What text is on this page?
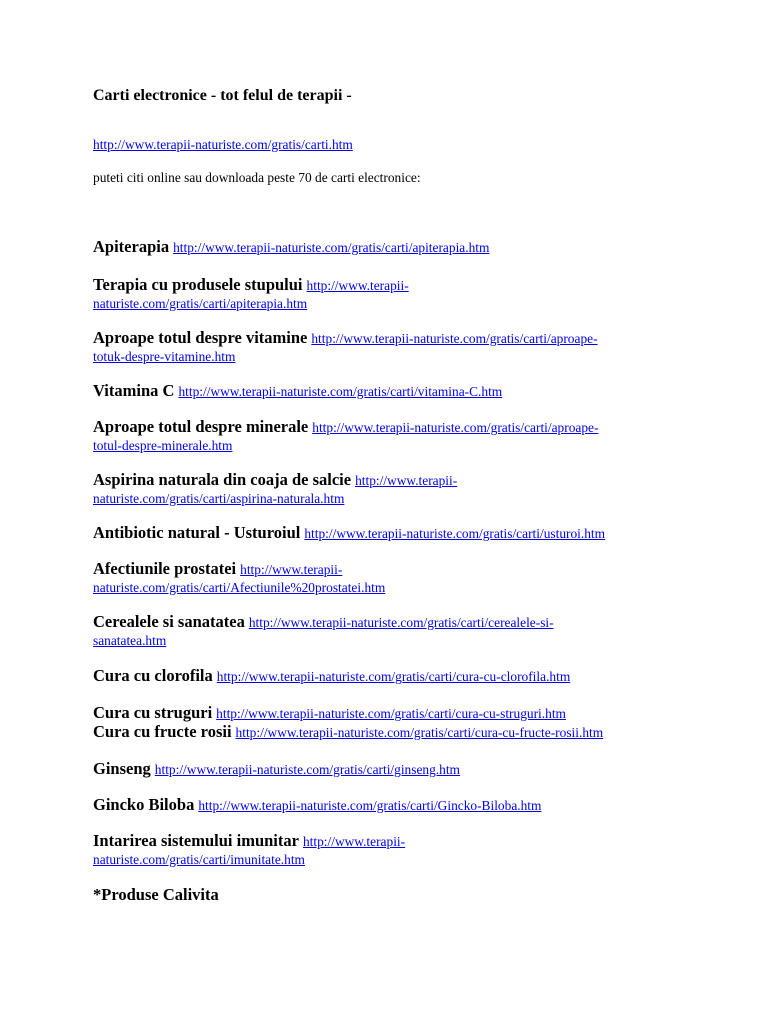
Carti electronice - tot felul de terapii -
http://www.terapii-naturiste.com/gratis/carti.htm
puteti citi online sau downloada peste 70 de carti electronice:
Apiterapia http://www.terapii-naturiste.com/gratis/carti/apiterapia.htm
Terapia cu produsele stupului http://www.terapii-
naturiste.com/gratis/carti/apiterapia.htm
Aproape totul despre vitamine http://www.terapii-naturiste.com/gratis/carti/aproape-
totuk-despre-vitamine.htm
Vitamina C http://www.terapii-naturiste.com/gratis/carti/vitamina-C.htm
Aproape totul despre minerale http://www.terapii-naturiste.com/gratis/carti/aproape-
totul-despre-minerale.htm
Aspirina naturala din coaja de salcie http://www.terapii-
naturiste.com/gratis/carti/aspirina-naturala.htm
Antibiotic natural - Usturoiul http://www.terapii-naturiste.com/gratis/carti/usturoi.htm
Afectiunile prostatei http://www.terapii-
naturiste.com/gratis/carti/Afectiunile%20prostatei.htm
Cerealele si sanatatea http://www.terapii-naturiste.com/gratis/carti/cerealele-si-
sanatatea.htm
Cura cu clorofila http://www.terapii-naturiste.com/gratis/carti/cura-cu-clorofila.htm
Cura cu struguri http://www.terapii-naturiste.com/gratis/carti/cura-cu-struguri.htm
Cura cu fructe rosii http://www.terapii-naturiste.com/gratis/carti/cura-cu-fructe-rosii.htm
Ginseng http://www.terapii-naturiste.com/gratis/carti/ginseng.htm
Gincko Biloba http://www.terapii-naturiste.com/gratis/carti/Gincko-Biloba.htm
Intarirea sistemului imunitar http://www.terapii-
naturiste.com/gratis/carti/imunitate.htm
*Produse Calivita
